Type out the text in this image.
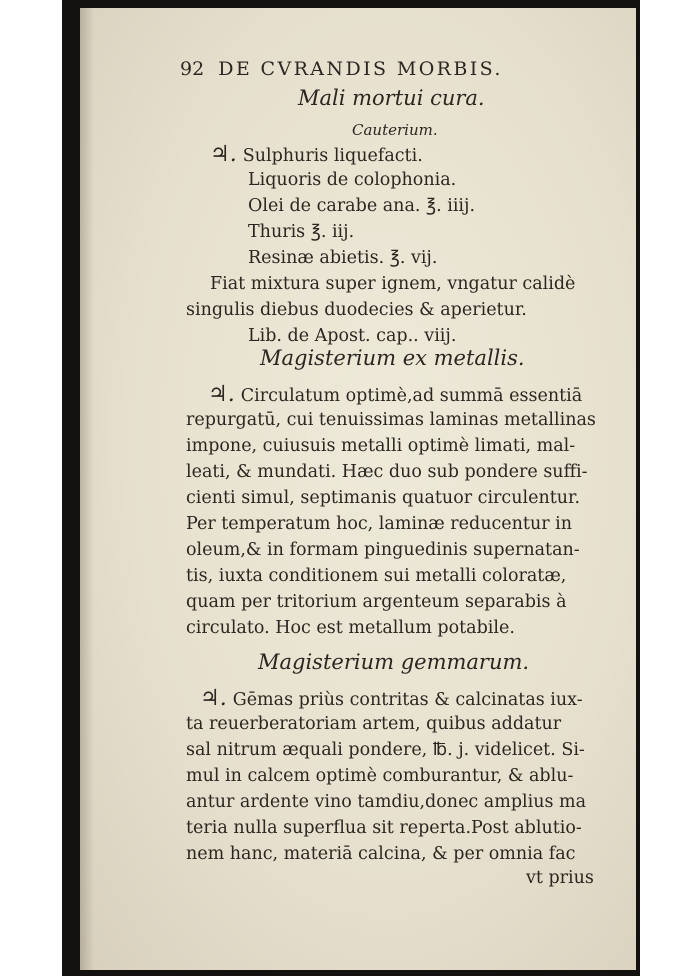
92 DE CVRANDIS MORBIS.
Mali mortui cura.
Cauterium.
♃. Sulphuris liquefacti.
Liquoris de colophonia.
Olei de carabe ana. ℥. iiij.
Thuris ℥. iij.
Resinæ abietis. ℥. vij.
Fiat mixtura super ignem, vngatur calidè
singulis diebus duodecies & aperietur.
Lib. de Apost. cap.. viij.
Magisterium ex metallis.
♃. Circulatum optimè,ad summā essentiā
repurgatū, cui tenuissimas laminas metallinas
impone, cuiusuis metalli optimè limati, mal-
leati, & mundati. Hæc duo sub pondere suffi-
cienti simul, septimanis quatuor circulentur.
Per temperatum hoc, laminæ reducentur in
oleum,& in formam pinguedinis supernatan-
tis, iuxta conditionem sui metalli coloratæ,
quam per tritorium argenteum separabis à
circulato. Hoc est metallum potabile.
Magisterium gemmarum.
♃. Gēmas priùs contritas & calcinatas iux-
ta reuerberatoriam artem, quibus addatur
sal nitrum æquali pondere, ℔. j. videlicet. Si-
mul in calcem optimè comburantur, & ablu-
antur ardente vino tamdiu,donec amplius ma
teria nulla superflua sit reperta.Post ablutio-
nem hanc, materiā calcina, & per omnia fac
vt prius
